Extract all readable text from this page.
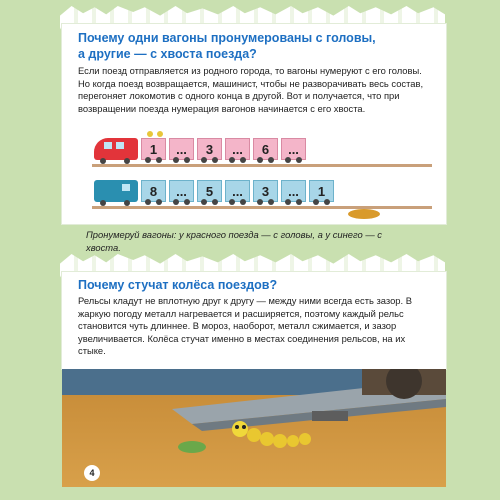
Почему одни вагоны пронумерованы с головы,
а другие — с хвоста поезда?
Если поезд отправляется из родного города, то вагоны нумеруют с его головы. Но когда поезд возвращается, машинист, чтобы не разворачивать весь состав, перегоняет локомотив с одного конца в другой. Вот и получается, что при возвращении поезда нумерация вагонов начинается с его хвоста.
1	...	3	...	6	...
8	...	5	...	3	...	1
Пронумеруй вагоны: у красного поезда — с головы, а у синего — с хвоста.
Почему стучат колёса поездов?
Рельсы кладут не вплотную друг к другу — между ними всегда есть зазор. В жаркую погоду металл нагревается и расширяется, поэтому каждый рельс становится чуть длиннее. В мороз, наоборот, металл сжимается, и зазор увеличивается. Колёса стучат именно в местах соединения рельсов, на их стыке.
4
